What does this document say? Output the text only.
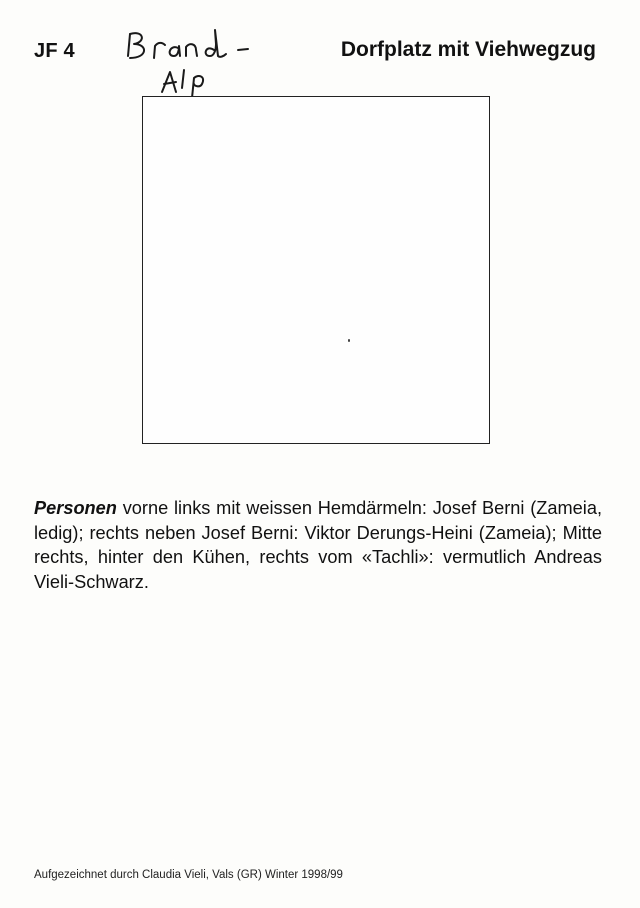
JF 4	Dorfplatz mit Viehwegzug

Personen vorne links mit weissen Hemdärmeln: Josef Berni (Zameia, ledig); rechts neben Josef Berni: Viktor Derungs-Heini (Zameia); Mitte rechts, hinter den Kühen, rechts vom «Tachli»: vermutlich Andreas Vieli-Schwarz.

Aufgezeichnet durch Claudia Vieli, Vals (GR) Winter 1998/99
